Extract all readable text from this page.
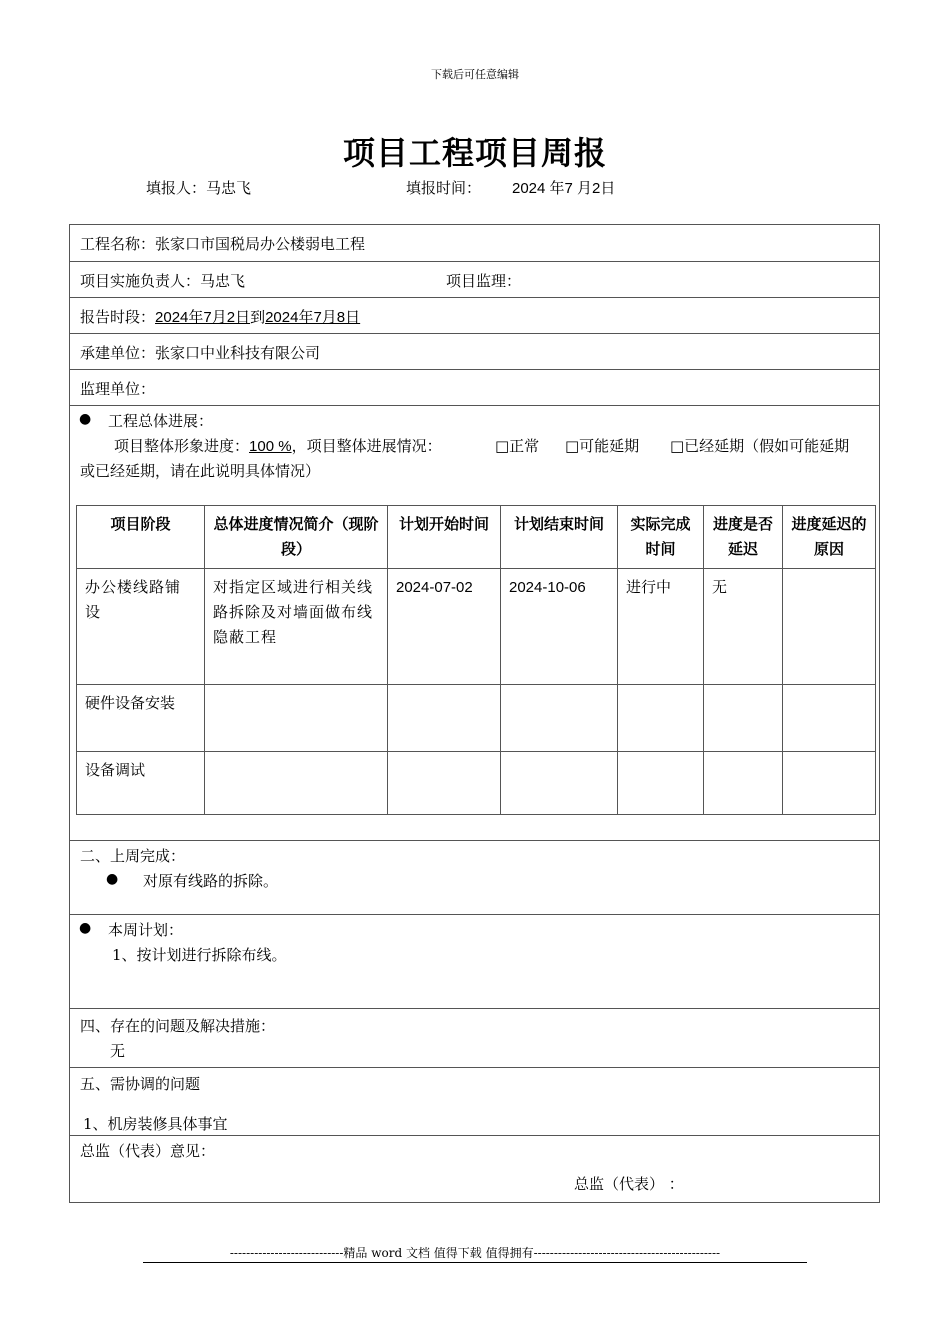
下载后可任意编辑
项目工程项目周报
填报人：马忠飞	填报时间： 2024 年7 月2日
工程名称：张家口市国税局办公楼弱电工程
项目实施负责人：马忠飞	项目监理：
报告时段：2024年7月2日到2024年7月8日
承建单位：张家口中业科技有限公司
监理单位：
● 工程总体进展：
项目整体形象进度：100 %，项目整体进展情况：	□正常 □可能延期 □已经延期（假如可能延期
或已经延期，请在此说明具体情况）
项目阶段	总体进度情况简介（现阶段）	计划开始时间	计划结束时间	实际完成时间	进度是否延迟	进度延迟的原因
办公楼线路铺设	对指定区域进行相关线路拆除及对墙面做布线隐蔽工程	2024-07-02	2024-10-06	进行中	无	
硬件设备安装						
设备调试						
二、上周完成：
● 对原有线路的拆除。
● 本周计划：
1、按计划进行拆除布线。
四、存在的问题及解决措施：
无
五、需协调的问题
1、机房装修具体事宜
总监（代表）意见：
总监（代表） ：
----------------------------精品 word 文档 值得下载 值得拥有----------------------------------------------
